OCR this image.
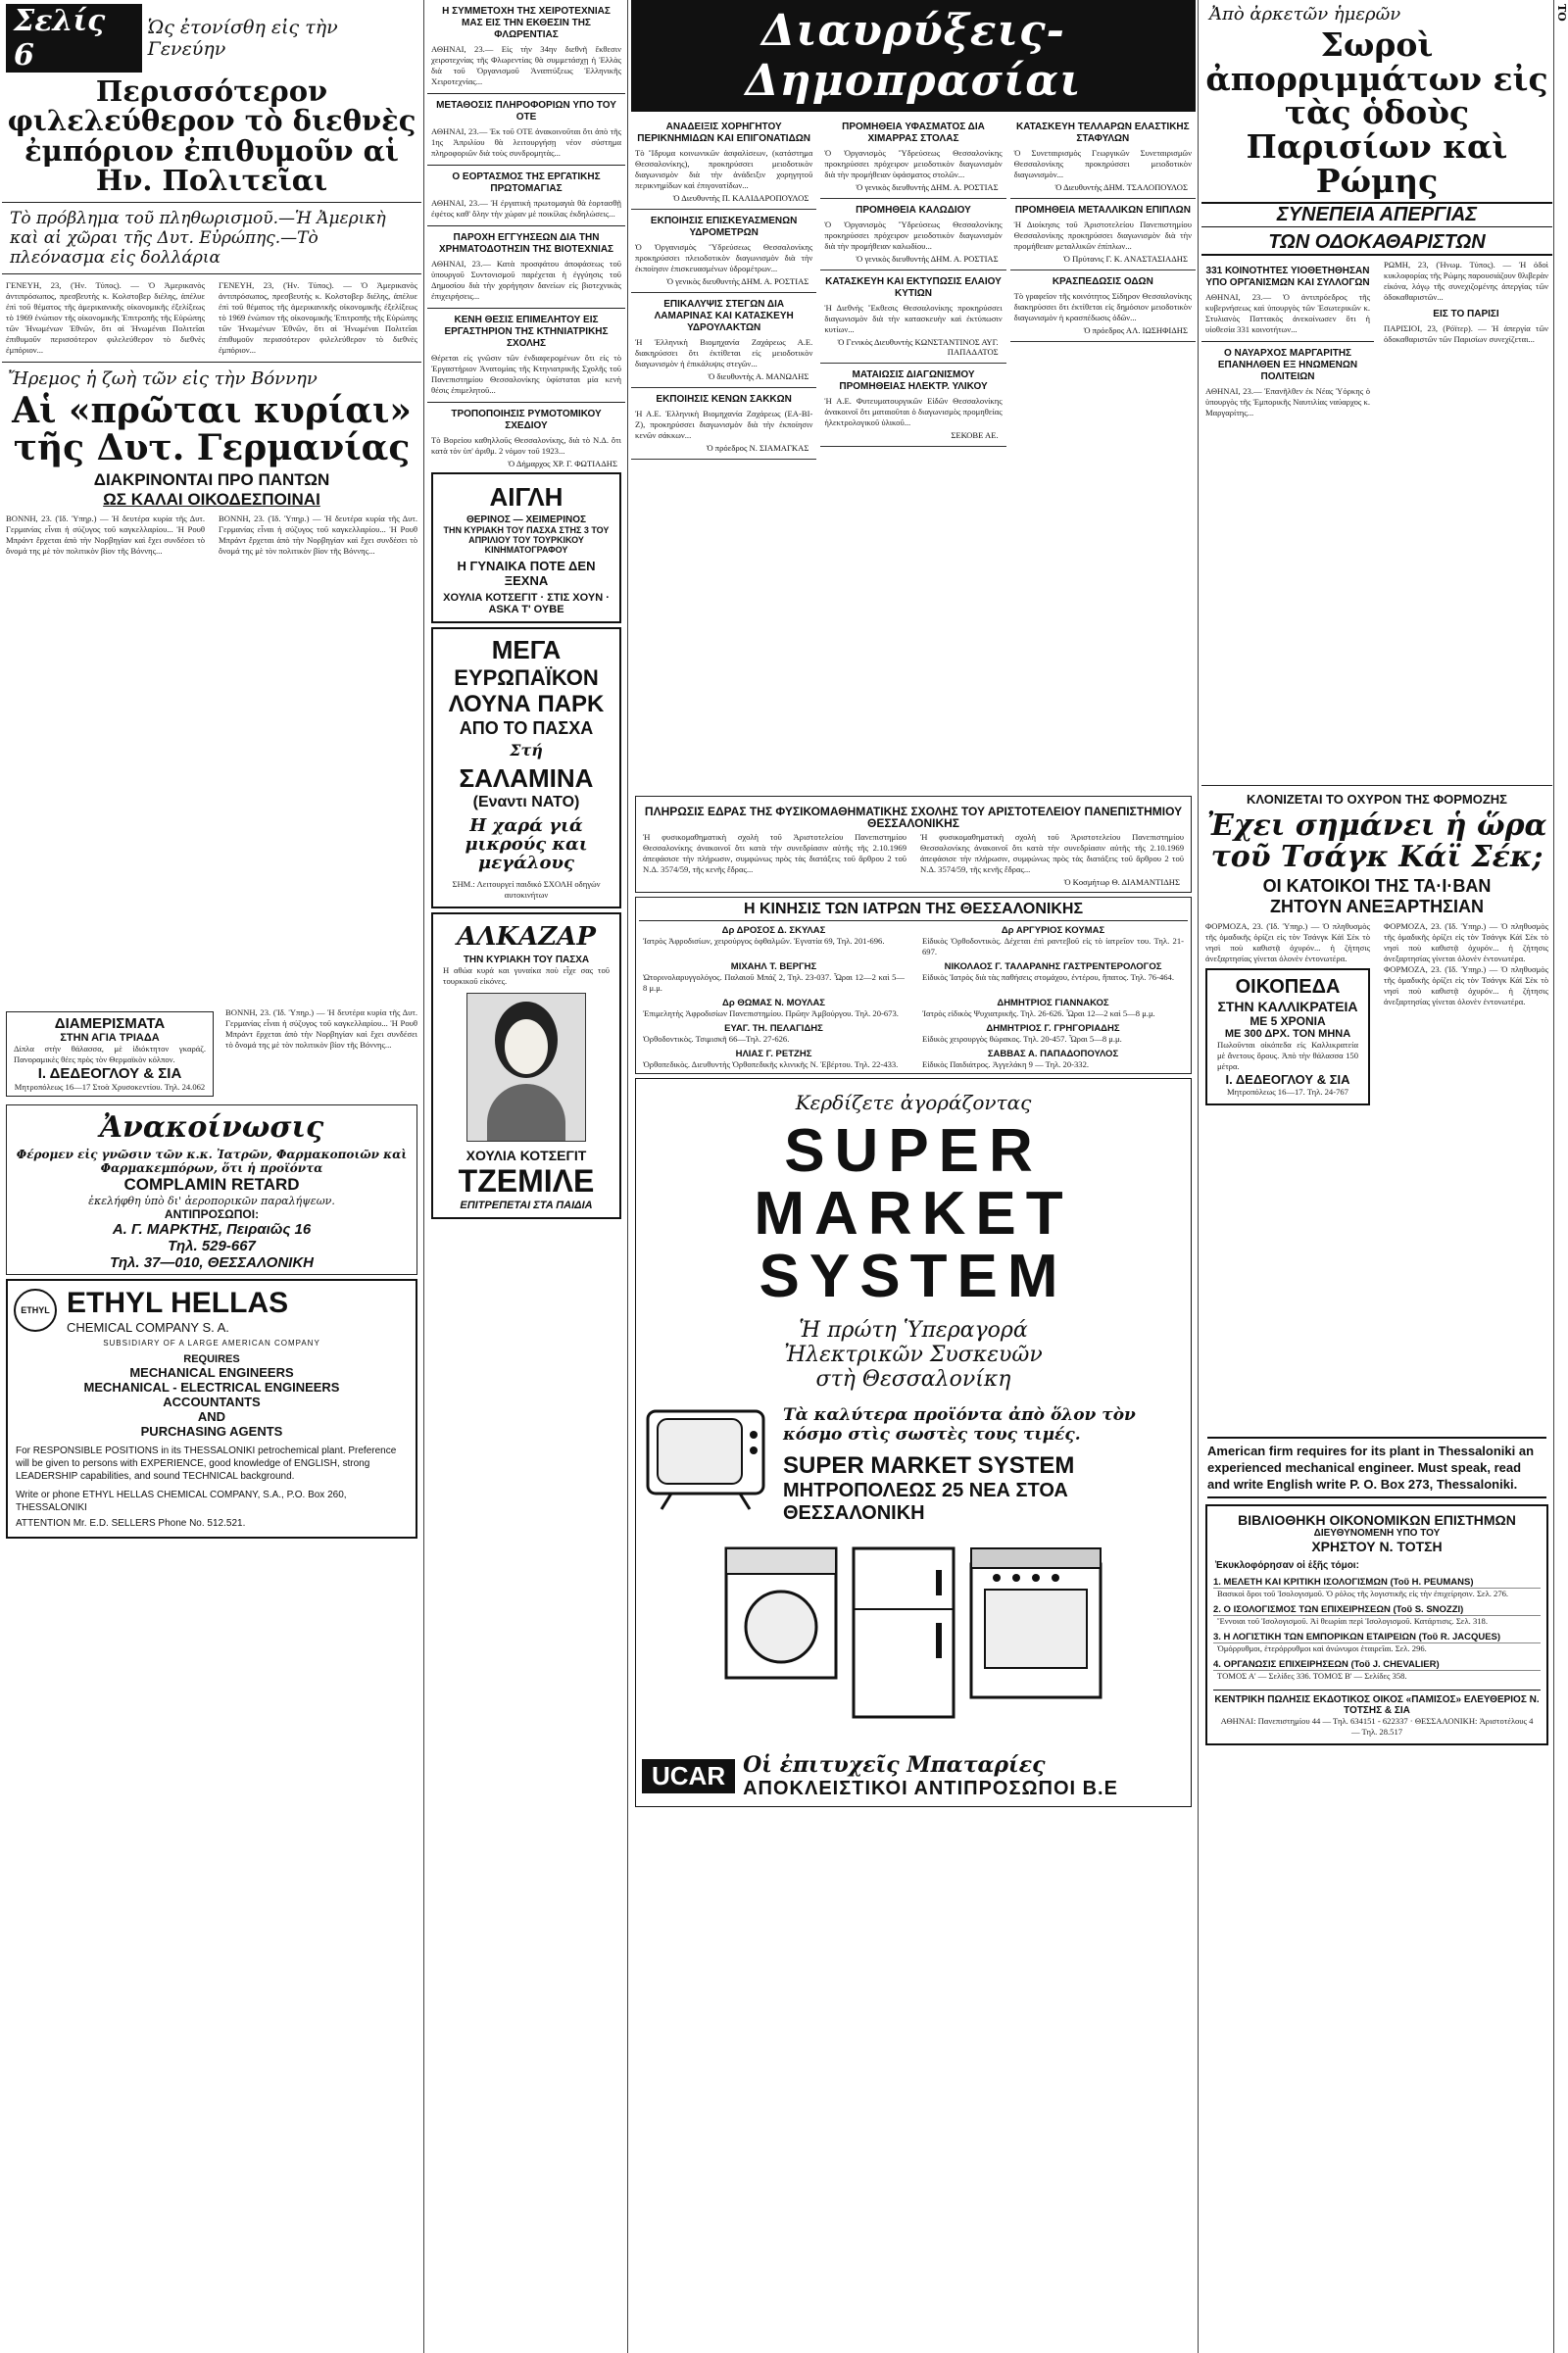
ΤΟ
Σελίς 6
Ὡς ἐτονίσθη εἰς τὴν Γενεύην
Περισσότερον φιλελεύθερον τὸ διεθνὲς ἐμπόριον ἐπιθυμοῦν αἱ Ην. Πολιτεῖαι
Τὸ πρόβλημα τοῦ πληθωρισμοῦ.—Ἡ Ἀμερικὴ καὶ αἱ χῶραι τῆς Δυτ. Εὐρώπης.—Τὸ πλεόνασμα εἰς δολλάρια

ΓΕΝΕΥΗ, 23, (Ἠν. Τύπος). — Ὁ Ἀμερικανὸς ἀντιπρόσωπος, πρεσβευτὴς κ. Κολστοβερ διέλης, ἀπέλυε ἐπὶ τοῦ θέματος τῆς ἀμερικανικῆς οἰκονομικῆς ἐξελίξεως τὸ 1969 ἐνώπιον τῆς οἰκονομικῆς Ἐπιτροπῆς τῆς Εὐρώπης τῶν Ἠνωμένων Ἐθνῶν, ὅτι αἱ Ἠνωμέναι Πολιτεῖαι ἐπιθυμοῦν περισσότερον φιλελεύθερον τὸ διεθνὲς ἐμπόριον...

ΓΕΝΕΥΗ, 23, (Ἠν. Τύπος). — Ὁ Ἀμερικανὸς ἀντιπρόσωπος, πρεσβευτὴς κ. Κολστοβερ διέλης, ἀπέλυε ἐπὶ τοῦ θέματος τῆς ἀμερικανικῆς οἰκονομικῆς ἐξελίξεως τὸ 1969 ἐνώπιον τῆς οἰκονομικῆς Ἐπιτροπῆς τῆς Εὐρώπης τῶν Ἠνωμένων Ἐθνῶν, ὅτι αἱ Ἠνωμέναι Πολιτεῖαι ἐπιθυμοῦν περισσότερον φιλελεύθερον τὸ διεθνὲς ἐμπόριον...

Ἤρεμος ἡ ζωὴ τῶν εἰς τὴν Βόννην
Αἱ «πρῶται κυρίαι» τῆς Δυτ. Γερμανίας
ΔΙΑΚΡΙΝΟΝΤΑΙ ΠΡΟ ΠΑΝΤΩΝ
ΩΣ ΚΑΛΑΙ ΟΙΚΟΔΕΣΠΟΙΝΑΙ

ΒΟΝΝΗ, 23. (Ἰδ. Ὑπηρ.) — Ἡ δευτέρα κυρία τῆς Δυτ. Γερμανίας εἶναι ἡ σύζυγος τοῦ καγκελλαρίου... Ἡ Ρουθ Μπράντ ἔρχεται ἀπὸ τὴν Νορβηγίαν καὶ ἔχει συνδέσει τὸ ὄνομά της μὲ τὸν πολιτικὸν βίον τῆς Βόννης...

ΒΟΝΝΗ, 23. (Ἰδ. Ὑπηρ.) — Ἡ δευτέρα κυρία τῆς Δυτ. Γερμανίας εἶναι ἡ σύζυγος τοῦ καγκελλαρίου... Ἡ Ρουθ Μπράντ ἔρχεται ἀπὸ τὴν Νορβηγίαν καὶ ἔχει συνδέσει τὸ ὄνομά της μὲ τὸν πολιτικὸν βίον τῆς Βόννης...

ΔΙΑΜΕΡΙΣΜΑΤΑ
ΣΤΗΝ ΑΓΙΑ ΤΡΙΑΔΑ

Δίπλα στὴν θάλασσα, μὲ ἰδιόκτητον γκαράζ. Πανοραμικὲς θέες πρὸς τὸν Θερμαϊκὸν κόλπον.

Ι. ΔΕΔΕΟΓΛΟΥ & ΣΙΑ
Μητροπόλεως 16—17 Στοὰ Χρυσοκεντίου. Τηλ. 24.062

ΒΟΝΝΗ, 23. (Ἰδ. Ὑπηρ.) — Ἡ δευτέρα κυρία τῆς Δυτ. Γερμανίας εἶναι ἡ σύζυγος τοῦ καγκελλαρίου... Ἡ Ρουθ Μπράντ ἔρχεται ἀπὸ τὴν Νορβηγίαν καὶ ἔχει συνδέσει τὸ ὄνομά της μὲ τὸν πολιτικὸν βίον τῆς Βόννης...

Ἀνακοίνωσις
Φέρομεν εἰς γνῶσιν τῶν κ.κ. Ἰατρῶν, Φαρμακοποιῶν καὶ Φαρμακεμπόρων, ὅτι ἡ προϊόντα
COMPLAMIN RETARD
ἐκελήφθη ὑπὸ δι' ἀεροπορικῶν παραλήψεων.
ΑΝΤΙΠΡΟΣΩΠΟΙ:
Α. Γ. ΜΑΡΚΤΗΣ, Πειραιῶς 16
Τηλ. 529-667
Τηλ. 37—010, ΘΕΣΣΑΛΟΝΙΚΗ
ETHYL ETHYL HELLAS
CHEMICAL COMPANY S. A.
SUBSIDIARY OF A LARGE AMERICAN COMPANY
REQUIRES
MECHANICAL ENGINEERS
MECHANICAL - ELECTRICAL ENGINEERS
ACCOUNTANTS
AND
PURCHASING AGENTS

For RESPONSIBLE POSITIONS in its THESSALONIKI petrochemical plant. Preference will be given to persons with EXPERIENCE, good knowledge of ENGLISH, strong LEADERSHIP capabilities, and sound TECHNICAL background.

Write or phone ETHYL HELLAS CHEMICAL COMPANY, S.A., P.O. Box 260, THESSALONIKI

ATTENTION Mr. E.D. SELLERS Phone No. 512.521.

Η ΣΥΜΜΕΤΟΧΗ ΤΗΣ ΧΕΙΡΟΤΕΧΝΙΑΣ ΜΑΣ ΕΙΣ ΤΗΝ ΕΚΘΕΣΙΝ ΤΗΣ ΦΛΩΡΕΝΤΙΑΣ

ΑΘΗΝΑΙ, 23.— Εἰς τὴν 34ην διεθνῆ ἔκθεσιν χειροτεχνίας τῆς Φλωρεντίας θὰ συμμετάσχῃ ἡ Ἑλλὰς διὰ τοῦ Ὀργανισμοῦ Ἀναπτύξεως Ἑλληνικῆς Χειροτεχνίας...

ΜΕΤΑΘΟΣΙΣ ΠΛΗΡΟΦΟΡΙΩΝ ΥΠΟ ΤΟΥ ΟΤΕ

ΑΘΗΝΑΙ, 23.— Ἐκ τοῦ ΟΤΕ ἀνακοινοῦται ὅτι ἀπὸ τῆς 1ης Ἀπριλίου θὰ λειτουργήσῃ νέον σύστημα πληροφοριῶν διὰ τοὺς συνδρομητὰς...

Ο ΕΟΡΤΑΣΜΟΣ ΤΗΣ ΕΡΓΑΤΙΚΗΣ ΠΡΩΤΟΜΑΓΙΑΣ

ΑΘΗΝΑΙ, 23.— Ἡ ἐργατικὴ πρωτομαγιὰ θὰ ἑορτασθῇ ἐφέτος καθ' ὅλην τὴν χώραν μὲ ποικίλας ἐκδηλώσεις...

ΠΑΡΟΧΗ ΕΓΓΥΗΣΕΩΝ ΔΙΑ ΤΗΝ ΧΡΗΜΑΤΟΔΟΤΗΣΙΝ ΤΗΣ ΒΙΟΤΕΧΝΙΑΣ

ΑΘΗΝΑΙ, 23.— Κατὰ προσφάτου ἀποφάσεως τοῦ ὑπουργοῦ Συντονισμοῦ παρέχεται ἡ ἐγγύησις τοῦ Δημοσίου διὰ τὴν χορήγησιν δανείων εἰς βιοτεχνικὰς ἐπιχειρήσεις...

ΚΕΝΗ ΘΕΣΙΣ ΕΠΙΜΕΛΗΤΟΥ ΕΙΣ ΕΡΓΑΣΤΗΡΙΟΝ ΤΗΣ ΚΤΗΝΙΑΤΡΙΚΗΣ ΣΧΟΛΗΣ

Θέρεται εἰς γνῶσιν τῶν ἐνδιαφερομένων ὅτι εἰς τὸ Ἐργαστήριον Ἀνατομίας τῆς Κτηνιατρικῆς Σχολῆς τοῦ Πανεπιστημίου Θεσσαλονίκης ὑφίσταται μία κενὴ θέσις ἐπιμελητοῦ...

ΤΡΟΠΟΠΟΙΗΣΙΣ ΡΥΜΟΤΟΜΙΚΟΥ ΣΧΕΔΙΟΥ

Τὸ Βορείου καθηλλοῦς Θεσσαλονίκης, διὰ τὸ Ν.Δ. ὅτι κατὰ τὸν ὑπ' ἀριθμ. 2 νόμον τοῦ 1923...

Ὁ Δήμαρχος ΧΡ. Γ. ΦΩΤΙΑΔΗΣ
ΑΙΓΛΗ
ΘΕΡΙΝΟΣ — ΧΕΙΜΕΡΙΝΟΣ
ΤΗΝ ΚΥΡΙΑΚΗ ΤΟΥ ΠΑΣΧΑ ΣΤΗΣ 3 ΤΟΥ ΑΠΡΙΛΙΟΥ ΤΟΥ ΤΟΥΡΚΙΚΟΥ ΚΙΝΗΜΑΤΟΓΡΑΦΟΥ
Η ΓΥΝΑΙΚΑ ΠΟΤΕ ΔΕΝ ΞΕΧΝΑ
ΧΟΥΛΙΑ ΚΟΤΣΕΓΙΤ · ΣΤΙΣ ΧΟΥΝ · ASKA Τ' ΟΥΒΕ
ΜΕΓΑ
ΕΥΡΩΠΑΪΚΟΝ
ΛΟΥΝΑ ΠΑΡΚ
ΑΠΟ ΤΟ ΠΑΣΧΑ
Στή
ΣΑΛΑΜΙΝΑ
(Εναντι ΝΑΤΟ)
Η χαρά γιά μικρούς και μεγάλους
ΣΗΜ.: Λειτουργεί παιδικό ΣΧΟΛΗ οδηγών αυτοκινήτων
ΑΛΚΑΖΑΡ
ΤΗΝ ΚΥΡΙΑΚΗ ΤΟΥ ΠΑΣΧΑ

Η αθώα κυρά και γυναίκα ποὺ εἶχε σας τοῦ τουρκικοῦ εἰκόνες.

ΧΟΥΛΙΑ ΚΟΤΣΕΓΙΤ
ΤΖΕΜΙΛΕ
ΕΠΙΤΡΕΠΕΤΑΙ ΣΤΑ ΠΑΙΔΙΑ
Διαυρύξεις-Δημοπρασίαι
ΑΝΑΔΕΙΞΙΣ ΧΟΡΗΓΗΤΟΥ ΠΕΡΙΚΝΗΜΙΔΩΝ ΚΑΙ ΕΠΙΓΟΝΑΤΙΔΩΝ

Τὸ Ἵδρυμα κοινωνικῶν ἀσφαλίσεων, (κατάστημα Θεσσαλονίκης), προκηρύσσει μειοδοτικὸν διαγωνισμὸν διὰ τὴν ἀνάδειξιν χορηγητοῦ περικνημίδων καὶ ἐπιγονατίδων...

Ὁ Διευθυντὴς Π. ΚΑΛΙΔΑΡΟΠΟΥΛΟΣ
ΕΚΠΟΙΗΣΙΣ ΕΠΙΣΚΕΥΑΣΜΕΝΩΝ ΥΔΡΟΜΕΤΡΩΝ

Ὁ Ὀργανισμὸς Ὕδρεύσεως Θεσσαλονίκης προκηρύσσει πλειοδοτικὸν διαγωνισμὸν διὰ τὴν ἐκποίησιν ἐπισκευασμένων ὑδρομέτρων...

Ὁ γενικὸς διευθυντὴς ΔΗΜ. Α. ΡΟΣΤΙΑΣ
ΕΠΙΚΑΛΥΨΙΣ ΣΤΕΓΩΝ ΔΙΑ ΛΑΜΑΡΙΝΑΣ ΚΑΙ ΚΑΤΑΣΚΕΥΗ ΥΔΡΟΥΛΑΚΤΩΝ

Ἡ Ἑλληνικὴ Βιομηχανία Ζαχάρεως Α.Ε. διακηρύσσει ὅτι ἐκτίθεται εἰς μειοδοτικὸν διαγωνισμὸν ἡ ἐπικάλυψις στεγῶν...

Ὁ διευθυντὴς Α. ΜΑΝΩΛΗΣ
ΕΚΠΟΙΗΣΙΣ ΚΕΝΩΝ ΣΑΚΚΩΝ

Ἡ Α.Ε. Ἑλληνικὴ Βιομηχανία Ζαχάρεως (ΕΑ-ΒΙ-Ζ), προκηρύσσει διαγωνισμὸν διὰ τὴν ἐκποίησιν κενῶν σάκκων...

Ὁ πρόεδρος Ν. ΣΙΑΜΑΓΚΑΣ
ΠΡΟΜΗΘΕΙΑ ΥΦΑΣΜΑΤΟΣ ΔΙΑ ΧΙΜΑΡΡΑΣ ΣΤΟΛΑΣ

Ὁ Ὀργανισμὸς Ὕδρεύσεως Θεσσαλονίκης προκηρύσσει πρόχειρον μειοδοτικὸν διαγωνισμὸν διὰ τὴν προμήθειαν ὑφάσματος στολῶν...

Ὁ γενικὸς διευθυντὴς ΔΗΜ. Α. ΡΟΣΤΙΑΣ
ΠΡΟΜΗΘΕΙΑ ΚΑΛΩΔΙΟΥ

Ὁ Ὀργανισμὸς Ὕδρεύσεως Θεσσαλονίκης προκηρύσσει πρόχειρον μειοδοτικὸν διαγωνισμὸν διὰ τὴν προμήθειαν καλωδίου...

Ὁ γενικὸς διευθυντὴς ΔΗΜ. Α. ΡΟΣΤΙΑΣ
ΚΑΤΑΣΚΕΥΗ ΚΑΙ ΕΚΤΥΠΩΣΙΣ ΕΛΑΙΟΥ ΚΥΤΙΩΝ

Ἡ Διεθνὴς Ἔκθεσις Θεσσαλονίκης προκηρύσσει διαγωνισμὸν διὰ τὴν κατασκευὴν καὶ ἐκτύπωσιν κυτίων...

Ὁ Γενικὸς Διευθυντὴς ΚΩΝΣΤΑΝΤΙΝΟΣ ΑΥΓ. ΠΑΠΑΔΑΤΟΣ
ΜΑΤΑΙΩΣΙΣ ΔΙΑΓΩΝΙΣΜΟΥ ΠΡΟΜΗΘΕΙΑΣ ΗΛΕΚΤΡ. ΥΛΙΚΟΥ

Ἡ Α.Ε. Φυτευματουργικῶν Εἰδῶν Θεσσαλονίκης ἀνακοινοῖ ὅτι ματαιοῦται ὁ διαγωνισμὸς προμηθείας ἠλεκτρολογικοῦ ὑλικοῦ...

ΣΕΚΟΒΕ ΑΕ.
ΚΑΤΑΣΚΕΥΗ ΤΕΛΛΑΡΩΝ ΕΛΑΣΤΙΚΗΣ ΣΤΑΦΥΛΩΝ

Ὁ Συνεταιρισμὸς Γεωργικῶν Συνεταιρισμῶν Θεσσαλονίκης προκηρύσσει μειοδοτικὸν διαγωνισμὸν...

Ὁ Διευθυντὴς ΔΗΜ. ΤΣΑΛΟΠΟΥΛΟΣ
ΠΡΟΜΗΘΕΙΑ ΜΕΤΑΛΛΙΚΩΝ ΕΠΙΠΛΩΝ

Ἡ Διοίκησις τοῦ Ἀριστοτελείου Πανεπιστημίου Θεσσαλονίκης προκηρύσσει διαγωνισμὸν διὰ τὴν προμήθειαν μεταλλικῶν ἐπίπλων...

Ὁ Πρύτανις Γ. Κ. ΑΝΑΣΤΑΣΙΑΔΗΣ
ΚΡΑΣΠΕΔΩΣΙΣ ΟΔΩΝ

Τὸ γραφεῖον τῆς κοινότητος Σίδηρον Θεσσαλονίκης διακηρύσσει ὅτι ἐκτίθεται εἰς δημόσιον μειοδοτικὸν διαγωνισμὸν ἡ κρασπέδωσις ὁδῶν...

Ὁ πρόεδρος ΑΛ. ΙΩΣΗΦΙΔΗΣ
ΠΛΗΡΩΣΙΣ ΕΔΡΑΣ ΤΗΣ ΦΥΣΙΚΟΜΑΘΗΜΑΤΙΚΗΣ ΣΧΟΛΗΣ ΤΟΥ ΑΡΙΣΤΟΤΕΛΕΙΟΥ ΠΑΝΕΠΙΣΤΗΜΙΟΥ ΘΕΣΣΑΛΟΝΙΚΗΣ

Ἡ φυσικομαθηματικὴ σχολὴ τοῦ Ἀριστοτελείου Πανεπιστημίου Θεσσαλονίκης ἀνακοινοῖ ὅτι κατὰ τὴν συνεδρίασιν αὐτῆς τῆς 2.10.1969 ἀπεφάσισε τὴν πλήρωσιν, συμφώνως πρὸς τὰς διατάξεις τοῦ ἄρθρου 2 τοῦ Ν.Δ. 3574/59, τῆς κενῆς ἔδρας...

Ἡ φυσικομαθηματικὴ σχολὴ τοῦ Ἀριστοτελείου Πανεπιστημίου Θεσσαλονίκης ἀνακοινοῖ ὅτι κατὰ τὴν συνεδρίασιν αὐτῆς τῆς 2.10.1969 ἀπεφάσισε τὴν πλήρωσιν, συμφώνως πρὸς τὰς διατάξεις τοῦ ἄρθρου 2 τοῦ Ν.Δ. 3574/59, τῆς κενῆς ἔδρας...

Ὁ Κοσμήτωρ Θ. ΔΙΑΜΑΝΤΙΔΗΣ
Η ΚΙΝΗΣΙΣ ΤΩΝ ΙΑΤΡΩΝ ΤΗΣ ΘΕΣΣΑΛΟΝΙΚΗΣ
Δρ ΔΡΟΣΟΣ Δ. ΣΚΥΛΑΣ
Ἰατρὸς Ἀφροδισίων, χειρούργος ὀφθαλμῶν. Ἐγνατία 69, Τηλ. 201-696.
Δρ ΑΡΓΥΡΙΟΣ ΚΟΥΜΑΣ
Εἰδικὸς Ὀρθοδοντικὸς. Δέχεται ἐπὶ ραντεβοῦ εἰς τὸ ἰατρεῖον του. Τηλ. 21-697.
ΜΙΧΑΗΛ Τ. ΒΕΡΓΗΣ
Ὠτορινολαρυγγολόγος. Παλαιοῦ Μπάζ 2, Τηλ. 23-037. Ὧραι 12—2 καὶ 5—8 μ.μ.
ΝΙΚΟΛΑΟΣ Γ. ΤΑΛΑΡΑΝΗΣ ΓΑΣΤΡΕΝΤΕΡΟΛΟΓΟΣ
Εἰδικὸς Ἰατρὸς διὰ τὰς παθήσεις στομάχου, ἐντέρου, ἥπατος. Τηλ. 76-464.
Δρ ΘΩΜΑΣ Ν. ΜΟΥΛΑΣ
Ἐπιμελητὴς Ἀφροδισίων Πανεπιστημίου. Πρῶην Ἀμβούργου. Τηλ. 20-673.
ΔΗΜΗΤΡΙΟΣ ΓΙΑΝΝΑΚΟΣ
Ἰατρὸς εἰδικὸς Ψυχιατρικῆς. Τηλ. 26-626. Ὧραι 12—2 καὶ 5—8 μ.μ.
ΕΥΑΓ. ΤΗ. ΠΕΛΑΓΙΔΗΣ
Ὀρθοδοντικὸς. Τσιμισκῆ 66—Τηλ. 27-626.
ΔΗΜΗΤΡΙΟΣ Γ. ΓΡΗΓΟΡΙΑΔΗΣ
Εἰδικὸς χειρουργὸς θώρακος. Τηλ. 20-457. Ὧραι 5—8 μ.μ.
ΗΛΙΑΣ Γ. ΡΕΤΖΗΣ
Ὀρθοπεδικὸς. Διευθυντὴς Ὀρθοπεδικῆς κλινικῆς Ν. Ἐβέρτου. Τηλ. 22-433.
ΣΑΒΒΑΣ Α. ΠΑΠΑΔΟΠΟΥΛΟΣ
Εἰδικὸς Παιδιάτρος. Ἀγγελάκη 9 — Τηλ. 20-332.
Κερδίζετε ἀγοράζοντας
SUPER
MARKET
SYSTEM
Ἡ πρώτη Ὑπεραγορά
Ἠλεκτρικῶν Συσκευῶν
στὴ Θεσσαλονίκη
Τὰ καλύτερα προϊόντα ἀπὸ ὅλον τὸν κόσμο στὶς σωστὲς τους τιμές.
SUPER MARKET SYSTEM
ΜΗΤΡΟΠΟΛΕΩΣ 25 ΝΕΑ ΣΤΟΑ
ΘΕΣΣΑΛΟΝΙΚΗ
UCAR Οἱ ἐπιτυχεῖς Μπαταρίες
ΑΠΟΚΛΕΙΣΤΙΚΟΙ ΑΝΤΙΠΡΟΣΩΠΟΙ Β.Ε
Ἀπὸ ἀρκετῶν ἡμερῶν
Σωροὶ ἀπορριμμάτων εἰς τὰς ὁδοὺς Παρισίων καὶ Ρώμης
ΣΥΝΕΠΕΙΑ ΑΠΕΡΓΙΑΣ
ΤΩΝ ΟΔΟΚΑΘΑΡΙΣΤΩΝ
331 ΚΟΙΝΟΤΗΤΕΣ ΥΙΟΘΕΤΗΘΗΣΑΝ ΥΠΟ ΟΡΓΑΝΙΣΜΩΝ ΚΑΙ ΣΥΛΛΟΓΩΝ

ΑΘΗΝΑΙ, 23.— Ὁ ἀντιπρόεδρος τῆς κυβερνήσεως καὶ ὑπουργὸς τῶν Ἐσωτερικῶν κ. Στυλιανὸς Παττακὸς ἀνεκοίνωσεν ὅτι ἡ υἱοθεσία 331 κοινοτήτων...

Ο ΝΑΥΑΡΧΟΣ ΜΑΡΓΑΡΙΤΗΣ ΕΠΑΝΗΛΘΕΝ ΕΞ ΗΝΩΜΕΝΩΝ ΠΟΛΙΤΕΙΩΝ

ΑΘΗΝΑΙ, 23.— Ἐπανῆλθεν ἐκ Νέας Ὑόρκης ὁ ὑπουργὸς τῆς Ἐμπορικῆς Ναυτιλίας ναύαρχος κ. Μαργαρίτης...

ΡΩΜΗ, 23, (Ἠνωμ. Τύπος). — Ἡ ὁδοὶ κυκλοφορίας τῆς Ρώμης παρουσιάζουν θλιβερὰν εἰκόνα, λόγῳ τῆς συνεχιζομένης ἀπεργίας τῶν ὁδοκαθαριστῶν...

ΕΙΣ ΤΟ ΠΑΡΙΣΙ

ΠΑΡΙΣΙΟΙ, 23, (Ρόϊτερ). — Ἡ ἀπεργία τῶν ὁδοκαθαριστῶν τῶν Παρισίων συνεχίζεται...

ΚΛΟΝΙΖΕΤΑΙ ΤΟ ΟΧΥΡΟΝ ΤΗΣ ΦΟΡΜΟΖΗΣ
Ἐχει σημάνει ἡ ὥρα τοῦ Τσάγκ Κάϊ Σέκ;
ΟΙ ΚΑΤΟΙΚΟΙ ΤΗΣ ΤΑ·Ι·ΒΑΝ
ΖΗΤΟΥΝ ΑΝΕΞΑΡΤΗΣΙΑΝ

ΦΟΡΜΟΖΑ, 23. (Ἰδ. Ὑπηρ.) — Ὁ πληθυσμὸς τῆς ὁμαδικῆς ὁρίζει εἰς τὸν Τσάνγκ Κάϊ Σὲκ τὸ νησὶ ποὺ καθιστᾷ ὀχυρόν... ἡ ζήτησις ἀνεξαρτησίας γίνεται ὀλονὲν ἐντονωτέρα.

ΟΙΚΟΠΕΔΑ
ΣΤΗΝ ΚΑΛΛΙΚΡΑΤΕΙΑ
ΜΕ 5 ΧΡΟΝΙΑ
ΜΕ 300 ΔΡΧ. ΤΟΝ ΜΗΝΑ

Πωλοῦνται οἰκόπεδα εἰς Καλλικρατεία μὲ ἄνετους ὅρους. Ἀπὸ τὴν θάλασσα 150 μέτρα.

Ι. ΔΕΔΕΟΓΛΟΥ & ΣΙΑ
Μητροπόλεως 16—17. Τηλ. 24-767

ΦΟΡΜΟΖΑ, 23. (Ἰδ. Ὑπηρ.) — Ὁ πληθυσμὸς τῆς ὁμαδικῆς ὁρίζει εἰς τὸν Τσάνγκ Κάϊ Σὲκ τὸ νησὶ ποὺ καθιστᾷ ὀχυρόν... ἡ ζήτησις ἀνεξαρτησίας γίνεται ὀλονὲν ἐντονωτέρα.

ΦΟΡΜΟΖΑ, 23. (Ἰδ. Ὑπηρ.) — Ὁ πληθυσμὸς τῆς ὁμαδικῆς ὁρίζει εἰς τὸν Τσάνγκ Κάϊ Σὲκ τὸ νησὶ ποὺ καθιστᾷ ὀχυρόν... ἡ ζήτησις ἀνεξαρτησίας γίνεται ὀλονὲν ἐντονωτέρα.

American firm requires for its plant in Thessaloniki an experienced mechanical engineer. Must speak, read and write English write P. O. Box 273, Thessaloniki.
ΒΙΒΛΙΟΘΗΚΗ ΟΙΚΟΝΟΜΙΚΩΝ ΕΠΙΣΤΗΜΩΝ
ΔΙΕΥΘΥΝΟΜΕΝΗ ΥΠΟ ΤΟΥ
ΧΡΗΣΤΟΥ Ν. ΤΟΤΣΗ
Ἐκυκλοφόρησαν οἱ ἑξῆς τόμοι:
1. ΜΕΛΕΤΗ ΚΑΙ ΚΡΙΤΙΚΗ ΙΣΟΛΟΓΙΣΜΩΝ (Τοῦ H. PEUMANS)
Βασικοὶ ὅροι τοῦ Ἰσολογισμοῦ. Ὁ ρόλος τῆς λογιστικῆς εἰς τὴν ἐπιχείρησιν. Σελ. 276.
2. Ο ΙΣΟΛΟΓΙΣΜΟΣ ΤΩΝ ΕΠΙΧΕΙΡΗΣΕΩΝ (Τοῦ S. SNOZZI)
Ἔννοιαι τοῦ Ἰσολογισμοῦ. Ἀἱ θεωρίαι περὶ Ἰσολογισμοῦ. Κατάρτισις. Σελ. 318.
3. Η ΛΟΓΙΣΤΙΚΗ ΤΩΝ ΕΜΠΟΡΙΚΩΝ ΕΤΑΙΡΕΙΩΝ (Τοῦ R. JACQUES)
Ὁμόρρυθμοι, ἑτερόρρυθμοι καὶ ἀνώνυμοι ἑταιρεῖαι. Σελ. 296.
4. ΟΡΓΑΝΩΣΙΣ ΕΠΙΧΕΙΡΗΣΕΩΝ (Τοῦ J. CHEVALIER)
ΤΟΜΟΣ Α' — Σελίδες 336. ΤΟΜΟΣ Β' — Σελίδες 358.
ΚΕΝΤΡΙΚΗ ΠΩΛΗΣΙΣ ΕΚΔΟΤΙΚΟΣ ΟΙΚΟΣ «ΠΑΜΙΣΟΣ» ΕΛΕΥΘΕΡΙΟΣ Ν. ΤΟΤΣΗΣ & ΣΙΑ
ΑΘΗΝΑΙ: Πανεπιστημίου 44 — Τηλ. 634151 - 622337 · ΘΕΣΣΑΛΟΝΙΚΗ: Ἀριστοτέλους 4 — Τηλ. 28.517
